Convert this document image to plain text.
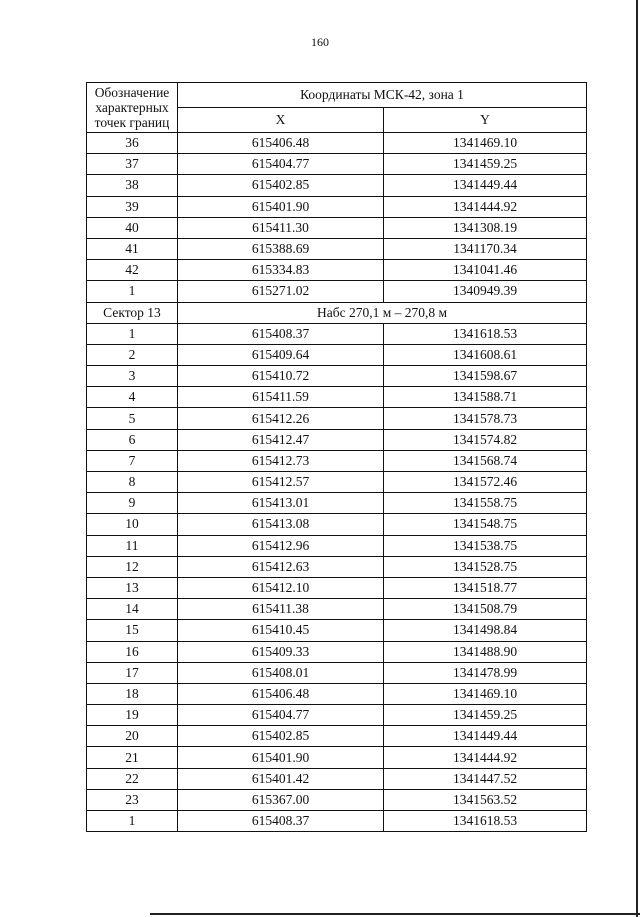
160
Обозначение характерных точек границ	Координаты МСК-42, зона 1	
	X	Y
36	615406.48	1341469.10
37	615404.77	1341459.25
38	615402.85	1341449.44
39	615401.90	1341444.92
40	615411.30	1341308.19
41	615388.69	1341170.34
42	615334.83	1341041.46
1	615271.02	1340949.39
Сектор 13	Набс 270,1 м – 270,8 м	
1	615408.37	1341618.53
2	615409.64	1341608.61
3	615410.72	1341598.67
4	615411.59	1341588.71
5	615412.26	1341578.73
6	615412.47	1341574.82
7	615412.73	1341568.74
8	615412.57	1341572.46
9	615413.01	1341558.75
10	615413.08	1341548.75
11	615412.96	1341538.75
12	615412.63	1341528.75
13	615412.10	1341518.77
14	615411.38	1341508.79
15	615410.45	1341498.84
16	615409.33	1341488.90
17	615408.01	1341478.99
18	615406.48	1341469.10
19	615404.77	1341459.25
20	615402.85	1341449.44
21	615401.90	1341444.92
22	615401.42	1341447.52
23	615367.00	1341563.52
1	615408.37	1341618.53
